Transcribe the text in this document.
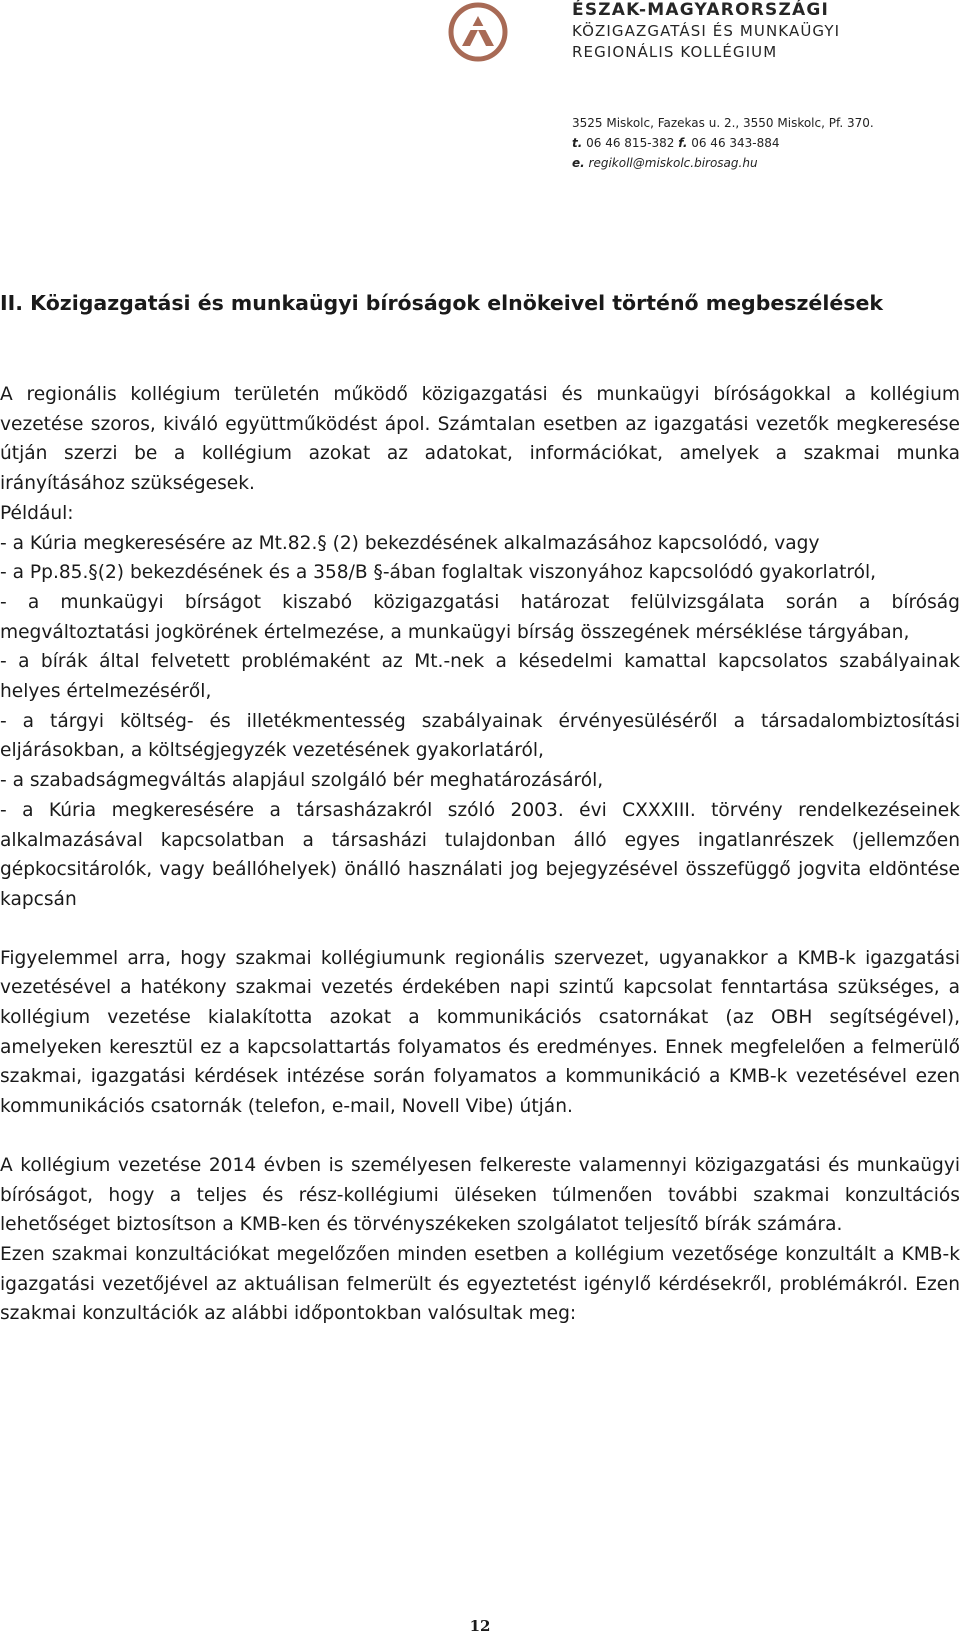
ÉSZAK-MAGYARORSZÁGI
KÖZIGAZGATÁSI ÉS MUNKAÜGYI
REGIONÁLIS KOLLÉGIUM
3525 Miskolc, Fazekas u. 2., 3550 Miskolc, Pf. 370.
t. 06 46 815-382 f. 06 46 343-884
e. regikoll@miskolc.birosag.hu
II. Közigazgatási és munkaügyi bíróságok elnökeivel történő megbeszélések

A regionális kollégium területén működő közigazgatási és munkaügyi bíróságokkal a kollégium vezetése szoros, kiváló együttműködést ápol. Számtalan esetben az igazgatási vezetők megkeresése útján szerzi be a kollégium azokat az adatokat, információkat, amelyek a szakmai munka irányításához szükségesek.

Például:

- a Kúria megkeresésére az Mt.82.§ (2) bekezdésének alkalmazásához kapcsolódó, vagy

- a Pp.85.§(2) bekezdésének és a 358/B §-ában foglaltak viszonyához kapcsolódó gyakorlatról,

- a munkaügyi bírságot kiszabó közigazgatási határozat felülvizsgálata során a bíróság megváltoztatási jogkörének értelmezése, a munkaügyi bírság összegének mérséklése tárgyában,

- a bírák által felvetett problémaként az Mt.-nek a késedelmi kamattal kapcsolatos szabályainak helyes értelmezéséről,

- a tárgyi költség- és illetékmentesség szabályainak érvényesüléséről a társadalombiztosítási eljárásokban, a költségjegyzék vezetésének gyakorlatáról,

- a szabadságmegváltás alapjául szolgáló bér meghatározásáról,

- a Kúria megkeresésére a társasházakról szóló 2003. évi CXXXIII. törvény rendelkezéseinek alkalmazásával kapcsolatban a társasházi tulajdonban álló egyes ingatlanrészek (jellemzően gépkocsitárolók, vagy beállóhelyek) önálló használati jog bejegyzésével összefüggő jogvita eldöntése kapcsán

Figyelemmel arra, hogy szakmai kollégiumunk regionális szervezet, ugyanakkor a KMB-k igazgatási vezetésével a hatékony szakmai vezetés érdekében napi szintű kapcsolat fenntartása szükséges, a kollégium vezetése kialakította azokat a kommunikációs csatornákat (az OBH segítségével), amelyeken keresztül ez a kapcsolattartás folyamatos és eredményes. Ennek megfelelően a felmerülő szakmai, igazgatási kérdések intézése során folyamatos a kommunikáció a KMB-k vezetésével ezen kommunikációs csatornák (telefon, e-mail, Novell Vibe) útján.

A kollégium vezetése 2014 évben is személyesen felkereste valamennyi közigazgatási és munkaügyi bíróságot, hogy a teljes és rész-kollégiumi üléseken túlmenően további szakmai konzultációs lehetőséget biztosítson a KMB-ken és törvényszékeken szolgálatot teljesítő bírák számára.

Ezen szakmai konzultációkat megelőzően minden esetben a kollégium vezetősége konzultált a KMB-k igazgatási vezetőjével az aktuálisan felmerült és egyeztetést igénylő kérdésekről, problémákról. Ezen szakmai konzultációk az alábbi időpontokban valósultak meg:

12
